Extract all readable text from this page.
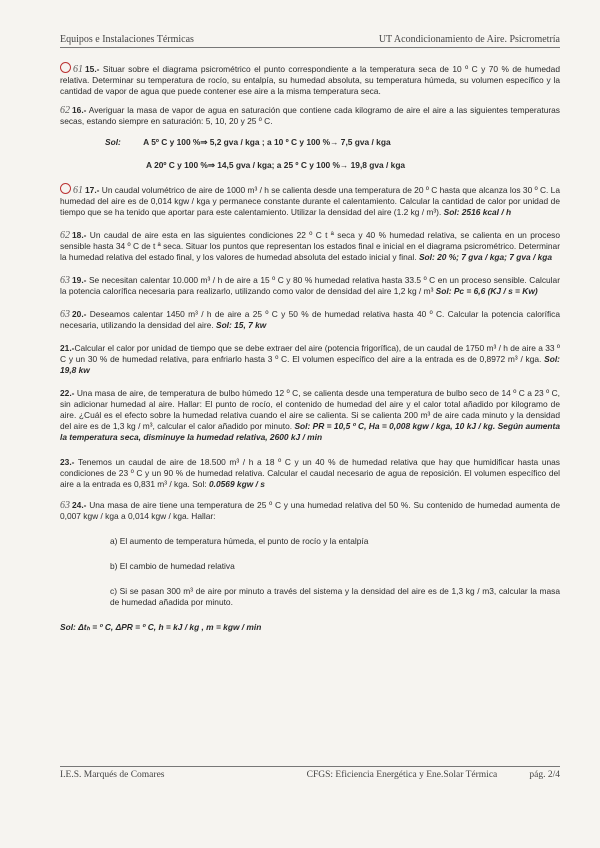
Equipos e Instalaciones Térmicas	UT Acondicionamiento de Aire. Psicrometría

61 15.- Situar sobre el diagrama psicrométrico el punto correspondiente a la temperatura seca de 10 º C y 70 % de humedad relativa. Determinar su temperatura de rocío, su entalpía, su humedad absoluta, su temperatura húmeda, su volumen específico y la cantidad de vapor de agua que puede contener ese aire a la misma temperatura seca.

62 16.- Averiguar la masa de vapor de agua en saturación que contiene cada kilogramo de aire el aire a las siguientes temperaturas secas, estando siempre en saturación: 5, 10, 20 y 25 º C.

Sol:	A 5º C y 100 %⇒ 5,2 gva / kga ; a 10 º C y 100 %→ 7,5 gva / kga

A 20º C y 100 %⇒ 14,5 gva / kga; a 25 º C y 100 %→ 19,8 gva / kga

61 17.- Un caudal volumétrico de aire de 1000 m³ / h se calienta desde una temperatura de 20 º C hasta que alcanza los 30 º C. La humedad del aire es de 0,014 kgw / kga y permanece constante durante el calentamiento. Calcular la cantidad de calor por unidad de tiempo que se ha tenido que aportar para este calentamiento. Utilizar la densidad del aire (1.2 kg / m³). Sol: 2516 kcal / h

62 18.- Un caudal de aire esta en las siguientes condiciones 22 º C t ª seca y 40 % humedad relativa, se calienta en un proceso sensible hasta 34 º C de t ª seca. Situar los puntos que representan los estados final e inicial en el diagrama psicrométrico. Determinar la humedad relativa del estado final, y los valores de humedad absoluta del estado inicial y final. Sol: 20 %; 7 gva / kga; 7 gva / kga

63 19.- Se necesitan calentar 10.000 m³ / h de aire a 15 º C y 80 % humedad relativa hasta 33.5 º C en un proceso sensible. Calcular la potencia calorífica necesaria para realizarlo, utilizando como valor de densidad del aire 1,2 kg / m³ Sol: Pc = 6,6 (KJ / s = Kw)

63 20.- Deseamos calentar 1450 m³ / h de aire a 25 º C y 50 % de humedad relativa hasta 40 º C. Calcular la potencia calorífica necesaria, utilizando la densidad del aire. Sol: 15, 7 kw

21.-Calcular el calor por unidad de tiempo que se debe extraer del aire (potencia frigorífica), de un caudal de 1750 m³ / h de aire a 33 º C y un 30 % de humedad relativa, para enfriarlo hasta 3 º C. El volumen específico del aire a la entrada es de 0,8972 m³ / kga. Sol: 19,8 kw

22.- Una masa de aire, de temperatura de bulbo húmedo 12 º C, se calienta desde una temperatura de bulbo seco de 14 º C a 23 º C, sin adicionar humedad al aire. Hallar: El punto de rocío, el contenido de humedad del aire y el calor total añadido por kilogramo de aire. ¿Cuál es el efecto sobre la humedad relativa cuando el aire se calienta. Si se calienta 200 m³ de aire cada minuto y la densidad del aire es de 1,3 kg / m³, calcular el calor añadido por minuto. Sol: PR = 10,5 º C, Ha = 0,008 kgw / kga, 10 kJ / kg. Según aumenta la temperatura seca, disminuye la humedad relativa, 2600 kJ / min

23.- Tenemos un caudal de aire de 18.500 m³ / h a 18 º C y un 40 % de humedad relativa que hay que humidificar hasta unas condiciones de 23 º C y un 90 % de humedad relativa. Calcular el caudal necesario de agua de reposición. El volumen específico del aire a la entrada es 0,831 m³ / kga. Sol: 0.0569 kgw / s

63 24.- Una masa de aire tiene una temperatura de 25 º C y una humedad relativa del 50 %. Su contenido de humedad aumenta de 0,007 kgw / kga a 0,014 kgw / kga. Hallar:

a) El aumento de temperatura húmeda, el punto de rocío y la entalpía

b) El cambio de humedad relativa

c) Si se pasan 300 m³ de aire por minuto a través del sistema y la densidad del aire es de 1,3 kg / m3, calcular la masa de humedad añadida por minuto.

Sol: Δtₕ = º C, ΔPR = º C, h = kJ / kg , m = kgw / min

I.E.S. Marqués de Comares	CFGS: Eficiencia Energética y Ene.Solar Térmica	pág. 2/4
